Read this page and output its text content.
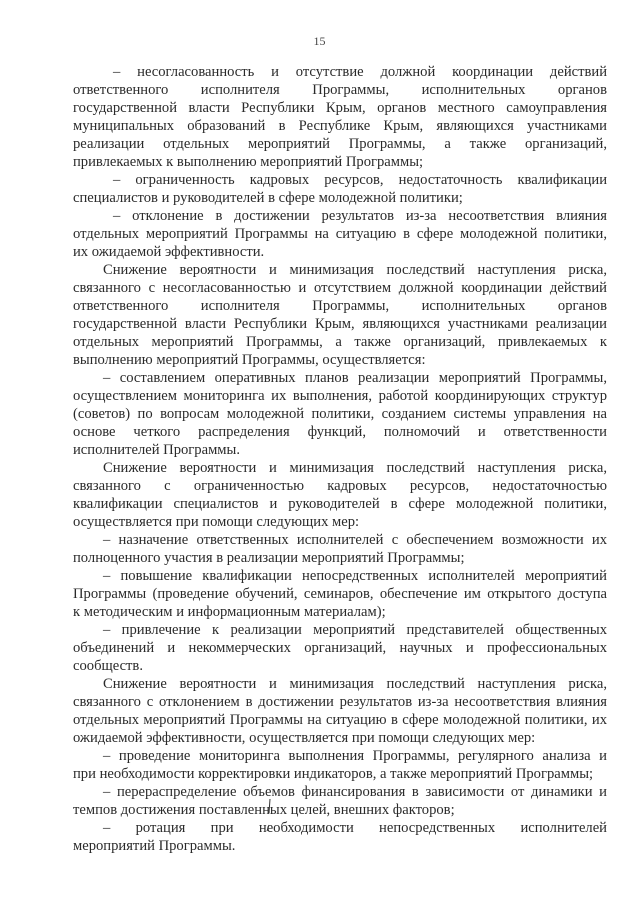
15
– несогласованность и отсутствие должной координации действий
ответственного исполнителя Программы, исполнительных органов
государственной власти Республики Крым, органов местного самоуправления
муниципальных образований в Республике Крым, являющихся участниками
реализации отдельных мероприятий Программы, а также организаций,
привлекаемых к выполнению мероприятий Программы;
– ограниченность кадровых ресурсов, недостаточность квалификации
специалистов и руководителей в сфере молодежной политики;
– отклонение в достижении результатов из-за несоответствия влияния
отдельных мероприятий Программы на ситуацию в сфере молодежной политики,
их ожидаемой эффективности.
Снижение вероятности и минимизация последствий наступления риска,
связанного с несогласованностью и отсутствием должной координации действий
ответственного исполнителя Программы, исполнительных органов
государственной власти Республики Крым, являющихся участниками реализации
отдельных мероприятий Программы, а также организаций, привлекаемых к
выполнению мероприятий Программы, осуществляется:
– составлением оперативных планов реализации мероприятий Программы,
осуществлением мониторинга их выполнения, работой координирующих структур
(советов) по вопросам молодежной политики, созданием системы управления на
основе четкого распределения функций, полномочий и ответственности
исполнителей Программы.
Снижение вероятности и минимизация последствий наступления риска,
связанного с ограниченностью кадровых ресурсов, недостаточностью
квалификации специалистов и руководителей в сфере молодежной политики,
осуществляется при помощи следующих мер:
– назначение ответственных исполнителей с обеспечением возможности их
полноценного участия в реализации мероприятий Программы;
– повышение квалификации непосредственных исполнителей мероприятий
Программы (проведение обучений, семинаров, обеспечение им открытого доступа
к методическим и информационным материалам);
– привлечение к реализации мероприятий представителей общественных
объединений и некоммерческих организаций, научных и профессиональных
сообществ.
Снижение вероятности и минимизация последствий наступления риска,
связанного с отклонением в достижении результатов из-за несоответствия влияния
отдельных мероприятий Программы на ситуацию в сфере молодежной политики, их
ожидаемой эффективности, осуществляется при помощи следующих мер:
– проведение мониторинга выполнения Программы, регулярного анализа и
при необходимости корректировки индикаторов, а также мероприятий Программы;
– перераспределение объемов финансирования в зависимости от динамики и
темпов достижения поставленных целей, внешних факторов;
– ротация при необходимости непосредственных исполнителей
мероприятий Программы.
